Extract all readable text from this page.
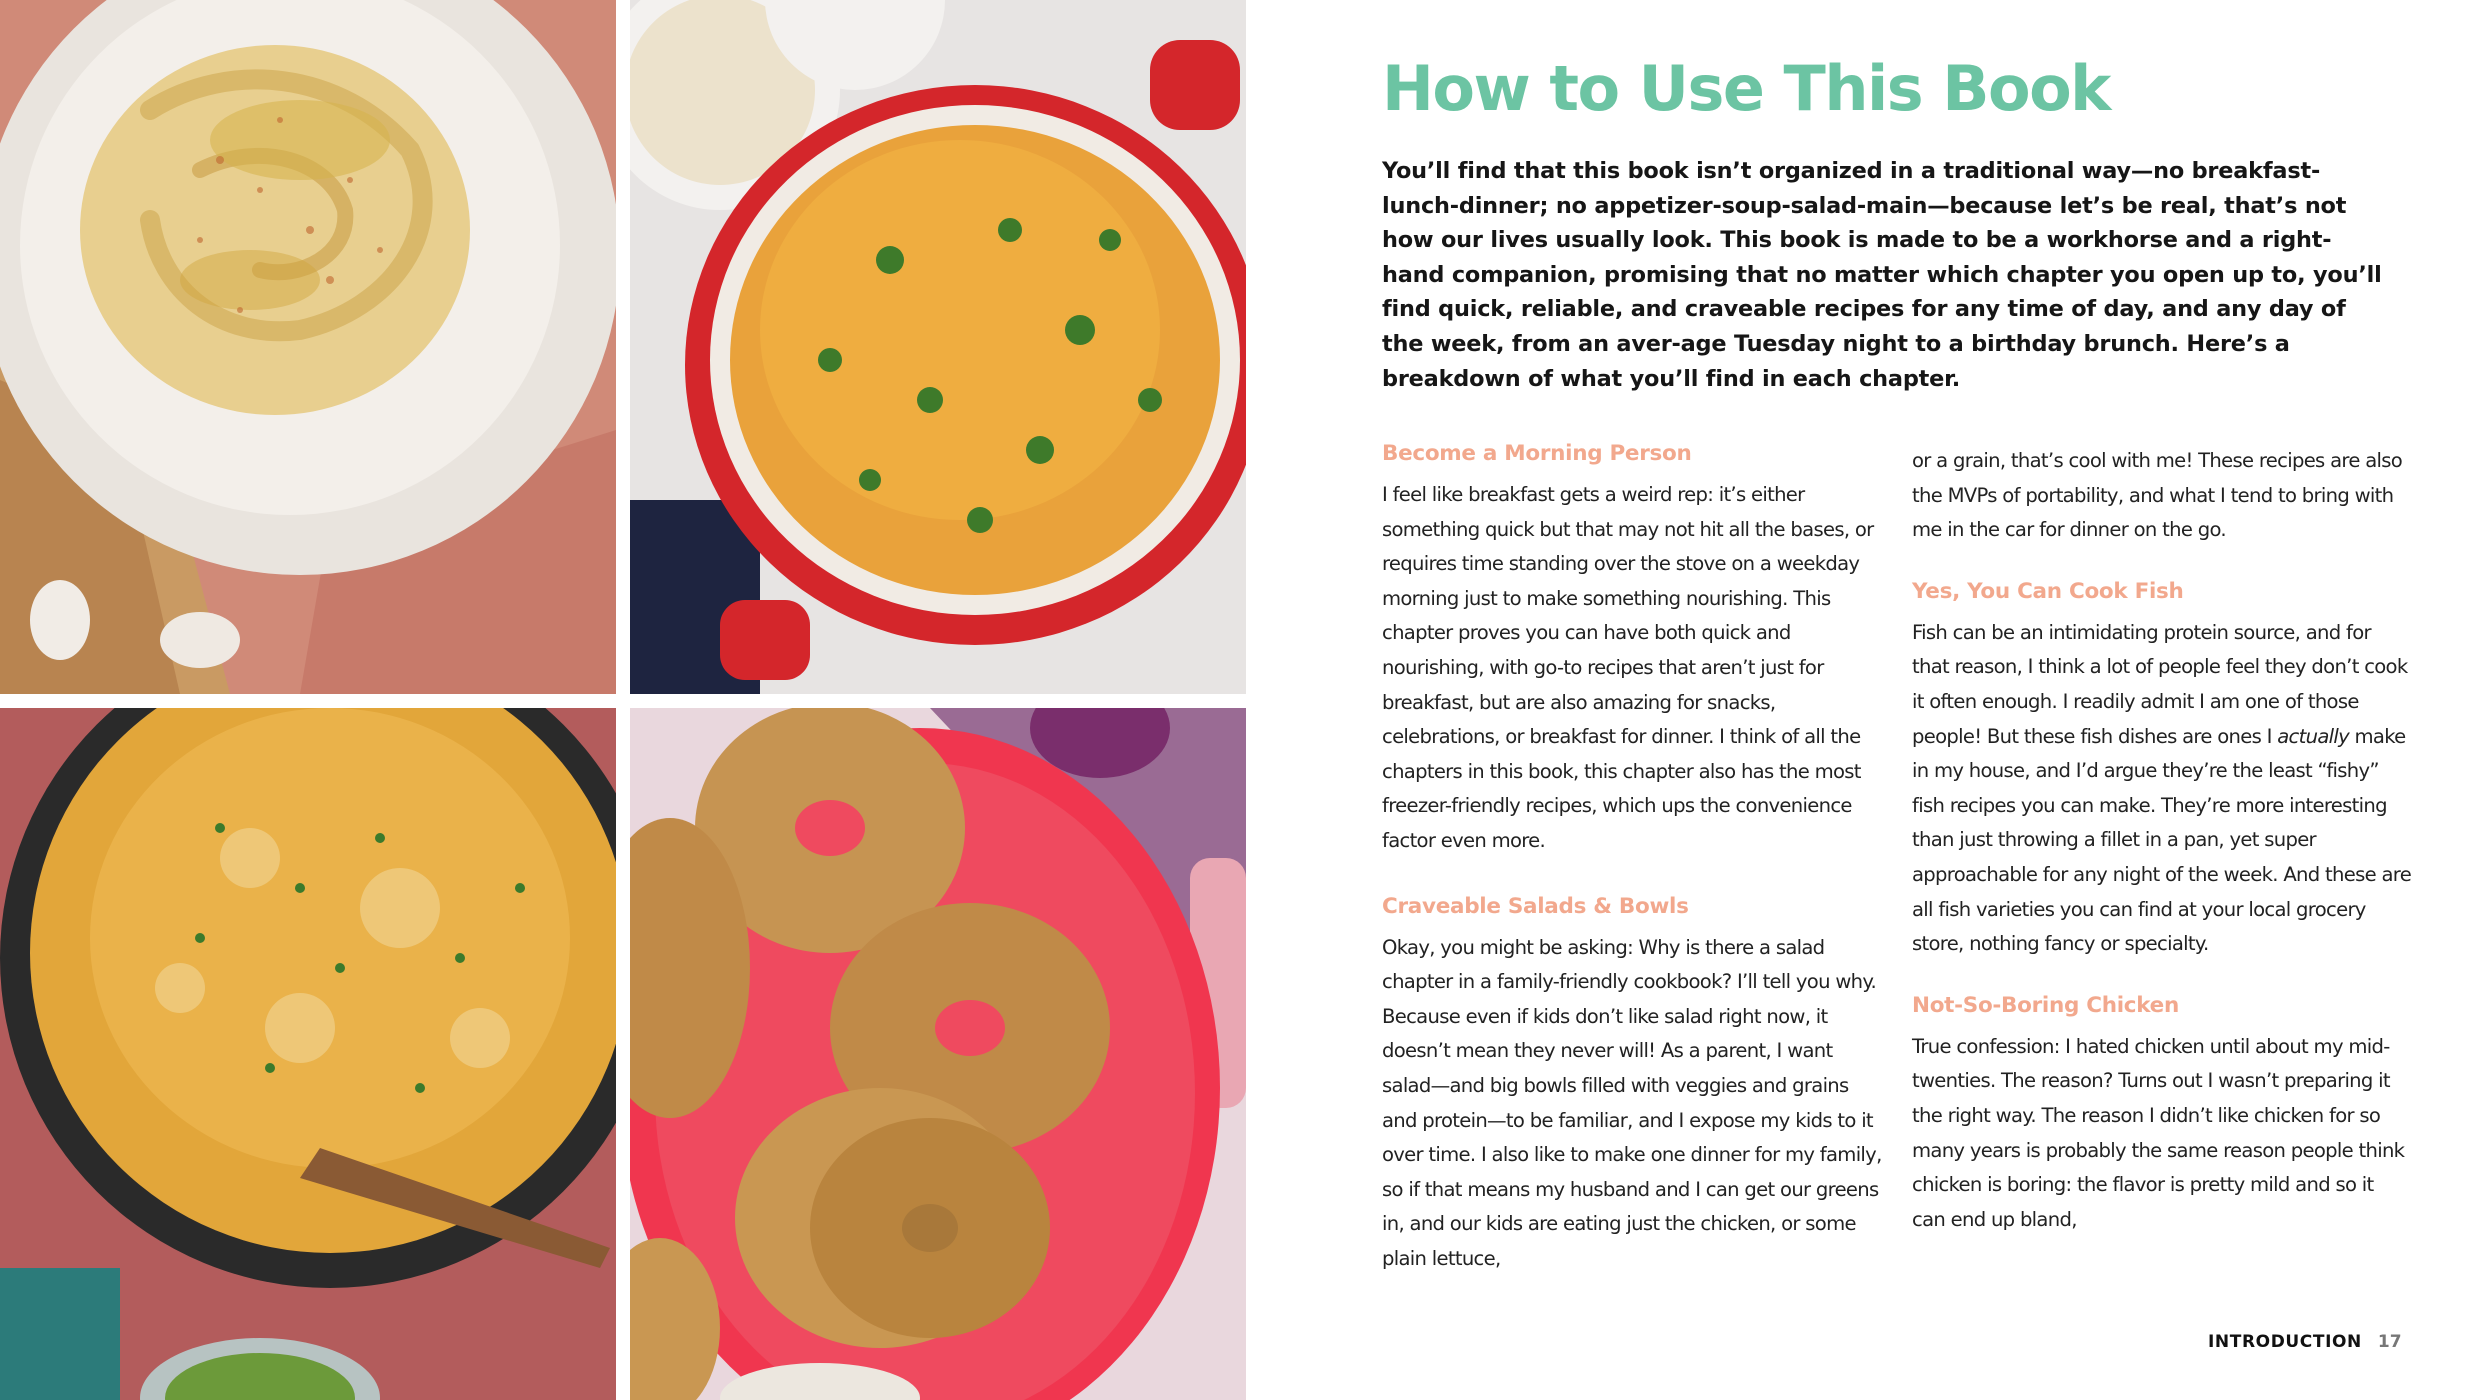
How to Use This Book

You’ll find that this book isn’t organized in a traditional way—no breakfast-lunch-dinner; no appetizer-soup-salad-main—because let’s be real, that’s not how our lives usually look. This book is made to be a workhorse and a right-hand companion, promising that no matter which chapter you open up to, you’ll find quick, reliable, and craveable recipes for any time of day, and any day of the week, from an aver-age Tuesday night to a birthday brunch. Here’s a breakdown of what you’ll find in each chapter.

Become a Morning Person

I feel like breakfast gets a weird rep: it’s either something quick but that may not hit all the bases, or requires time standing over the stove on a weekday morning just to make something nourishing. This chapter proves you can have both quick and nourishing, with go-to recipes that aren’t just for breakfast, but are also amazing for snacks, celebrations, or breakfast for dinner. I think of all the chapters in this book, this chapter also has the most freezer-friendly recipes, which ups the convenience factor even more.

Craveable Salads & Bowls

Okay, you might be asking: Why is there a salad chapter in a family-friendly cookbook? I’ll tell you why. Because even if kids don’t like salad right now, it doesn’t mean they never will! As a parent, I want salad—and big bowls filled with veggies and grains and protein—to be familiar, and I expose my kids to it over time. I also like to make one dinner for my family, so if that means my husband and I can get our greens in, and our kids are eating just the chicken, or some plain lettuce,

or a grain, that’s cool with me! These recipes are also the MVPs of portability, and what I tend to bring with me in the car for dinner on the go.

Yes, You Can Cook Fish

Fish can be an intimidating protein source, and for that reason, I think a lot of people feel they don’t cook it often enough. I readily admit I am one of those people! But these fish dishes are ones I actually make in my house, and I’d argue they’re the least “fishy” fish recipes you can make. They’re more interesting than just throwing a fillet in a pan, yet super approachable for any night of the week. And these are all fish varieties you can find at your local grocery store, nothing fancy or specialty.

Not-So-Boring Chicken

True confession: I hated chicken until about my mid-twenties. The reason? Turns out I wasn’t preparing it the right way. The reason I didn’t like chicken for so many years is probably the same reason people think chicken is boring: the flavor is pretty mild and so it can end up bland,

INTRODUCTION 17
